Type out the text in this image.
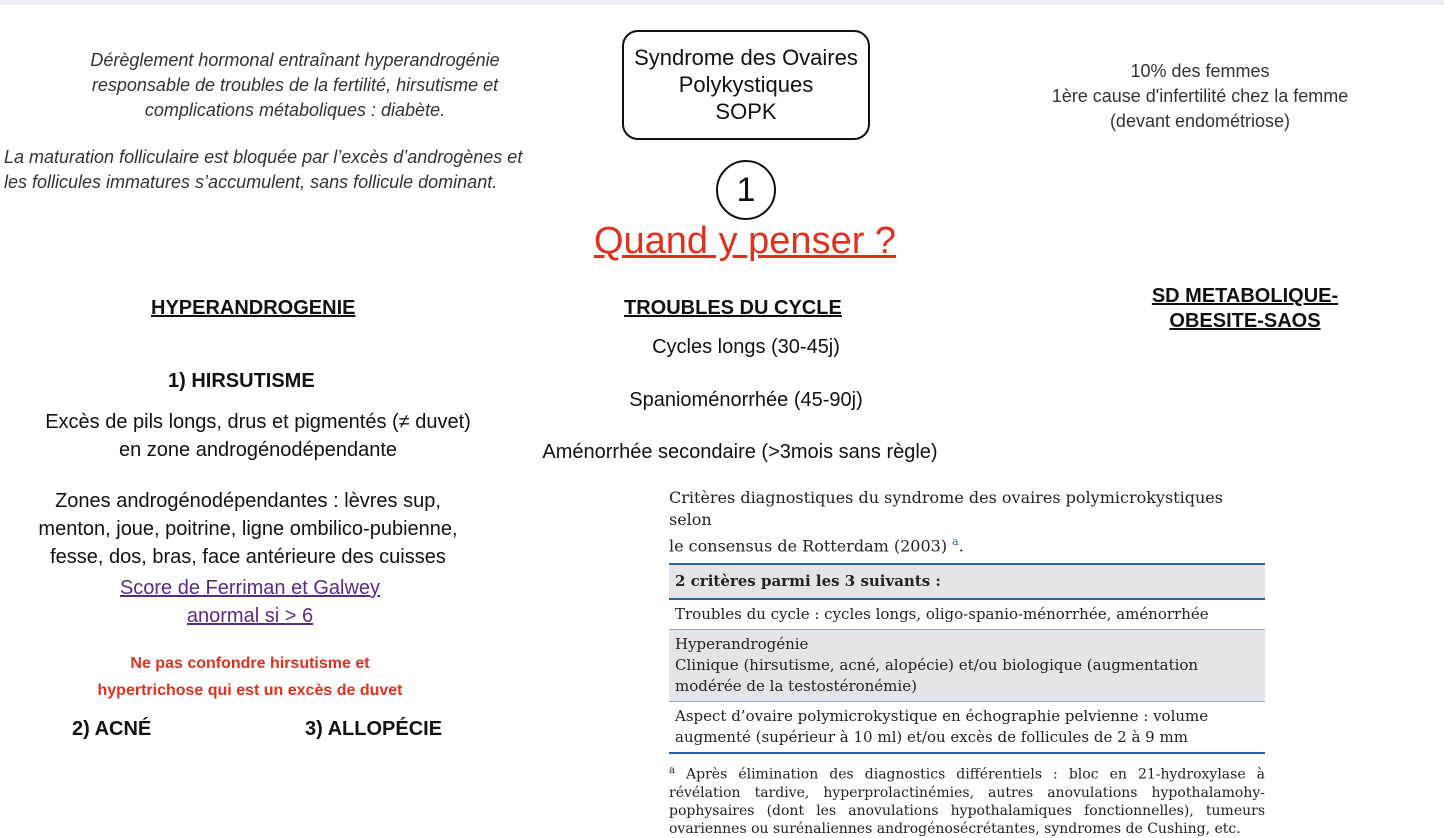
Dérèglement hormonal entraînant hyperandrogénie responsable de troubles de la fertilité, hirsutisme et complications métaboliques : diabète.
La maturation folliculaire est bloquée par l’excès d’androgènes et
les follicules immatures s’accumulent, sans follicule dominant.
Syndrome des Ovaires
Polykystiques
SOPK
10% des femmes
1ère cause d'infertilité chez la femme
(devant endométriose)
1
Quand y penser ?
HYPERANDROGENIE
1) HIRSUTISME
Excès de pils longs, drus et pigmentés (≠ duvet)
en zone androgénodépendante
Zones androgénodépendantes : lèvres sup,
menton, joue, poitrine, ligne ombilico-pubienne,
fesse, dos, bras, face antérieure des cuisses
Score de Ferriman et Galwey
anormal si > 6
Ne pas confondre hirsutisme et
hypertrichose qui est un excès de duvet
2) ACNÉ	3) ALLOPÉCIE
TROUBLES DU CYCLE
Cycles longs (30-45j)
Spanioménorrhée (45-90j)
Aménorrhée secondaire (>3mois sans règle)
SD METABOLIQUE-
OBESITE-SAOS
Critères diagnostiques du syndrome des ovaires polymicrokystiques selon
le consensus de Rotterdam (2003) $^a$.
2 critères parmi les 3 suivants :
Troubles du cycle : cycles longs, oligo-spanio-ménorrhée, aménorrhée
Hyperandrogénie
Clinique (hirsutisme, acné, alopécie) et/ou biologique (augmentation
modérée de la testostéronémie)
Aspect d’ovaire polymicrokystique en échographie pelvienne : volume
augmenté (supérieur à 10 ml) et/ou excès de follicules de 2 à 9 mm
$^a$ Après élimination des diagnostics différentiels : bloc en 21-hydroxylase à révélation tardive, hyperprolactinémies, autres anovulations hypothalamohy-pophysaires (dont les anovulations hypothalamiques fonctionnelles), tumeurs ovariennes ou surénaliennes androgénosécrétantes, syndromes de Cushing, etc.
